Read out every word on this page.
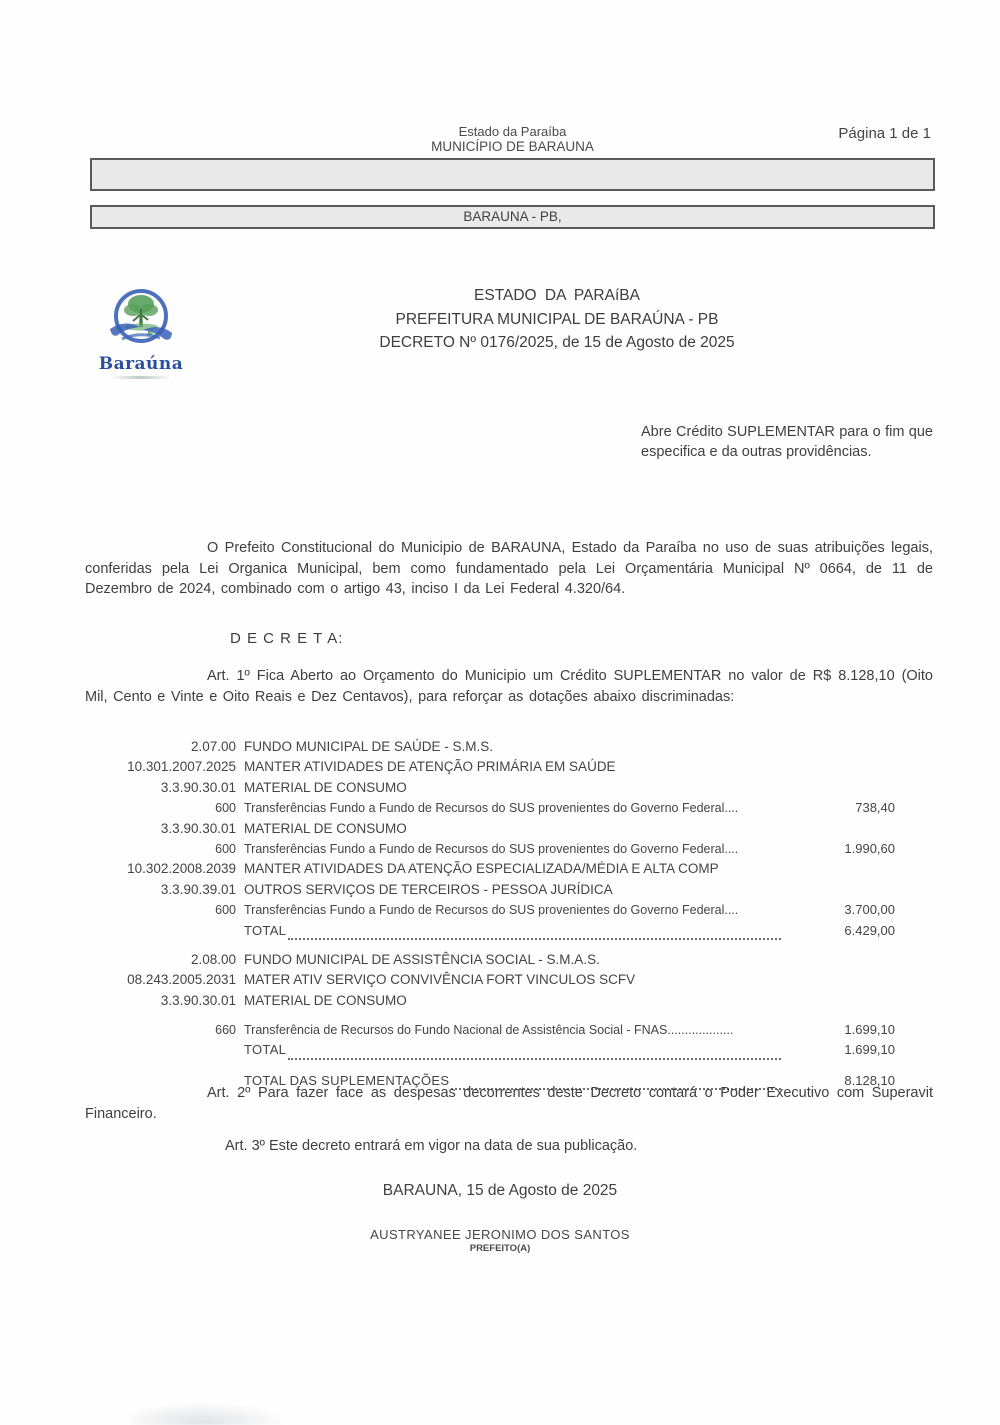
Estado da Paraíba
MUNICÍPIO DE BARAUNA
Página 1 de 1
BARAUNA - PB,
Baraúna
ESTADO DA PARAíBA
PREFEITURA MUNICIPAL DE BARAÚNA - PB
DECRETO Nº 0176/2025, de 15 de Agosto de 2025
Abre Crédito SUPLEMENTAR para o fim que especifica e da outras providências.

O Prefeito Constitucional do Municipio de BARAUNA, Estado da Paraíba no uso de suas atribuições legais, conferidas pela Lei Organica Municipal, bem como fundamentado pela Lei Orçamentária Municipal Nº 0664, de 11 de Dezembro de 2024, combinado com o artigo 43, inciso I da Lei Federal 4.320/64.

D E C R E T A:

Art. 1º Fica Aberto ao Orçamento do Municipio um Crédito SUPLEMENTAR no valor de R$ 8.128,10 (Oito Mil, Cento e Vinte e Oito Reais e Dez Centavos), para reforçar as dotações abaixo discriminadas:

2.07.00 FUNDO MUNICIPAL DE SAÚDE - S.M.S.
10.301.2007.2025 MANTER ATIVIDADES DE ATENÇÃO PRIMÁRIA EM SAÚDE
3.3.90.30.01 MATERIAL DE CONSUMO
600 Transferências Fundo a Fundo de Recursos do SUS provenientes do Governo Federal....	738,40
3.3.90.30.01 MATERIAL DE CONSUMO
600 Transferências Fundo a Fundo de Recursos do SUS provenientes do Governo Federal....	1.990,60
10.302.2008.2039 MANTER ATIVIDADES DA ATENÇÃO ESPECIALIZADA/MÉDIA E ALTA COMP
3.3.90.39.01 OUTROS SERVIÇOS DE TERCEIROS - PESSOA JURÍDICA
600 Transferências Fundo a Fundo de Recursos do SUS provenientes do Governo Federal....	3.700,00
TOTAL	6.429,00
2.08.00 FUNDO MUNICIPAL DE ASSISTÊNCIA SOCIAL - S.M.A.S.
08.243.2005.2031 MATER ATIV SERVIÇO CONVIVÊNCIA FORT VINCULOS SCFV
3.3.90.30.01 MATERIAL DE CONSUMO
660 Transferência de Recursos do Fundo Nacional de Assistência Social - FNAS...................	1.699,10
TOTAL	1.699,10
TOTAL DAS SUPLEMENTAÇÕES	8.128,10

Art. 2º Para fazer face as despesas decorrentes deste Decreto contará o Poder Executivo com Superavit Financeiro.

Art. 3º Este decreto entrará em vigor na data de sua publicação.

BARAUNA, 15 de Agosto de 2025
AUSTRYANEE JERONIMO DOS SANTOS
PREFEITO(A)
